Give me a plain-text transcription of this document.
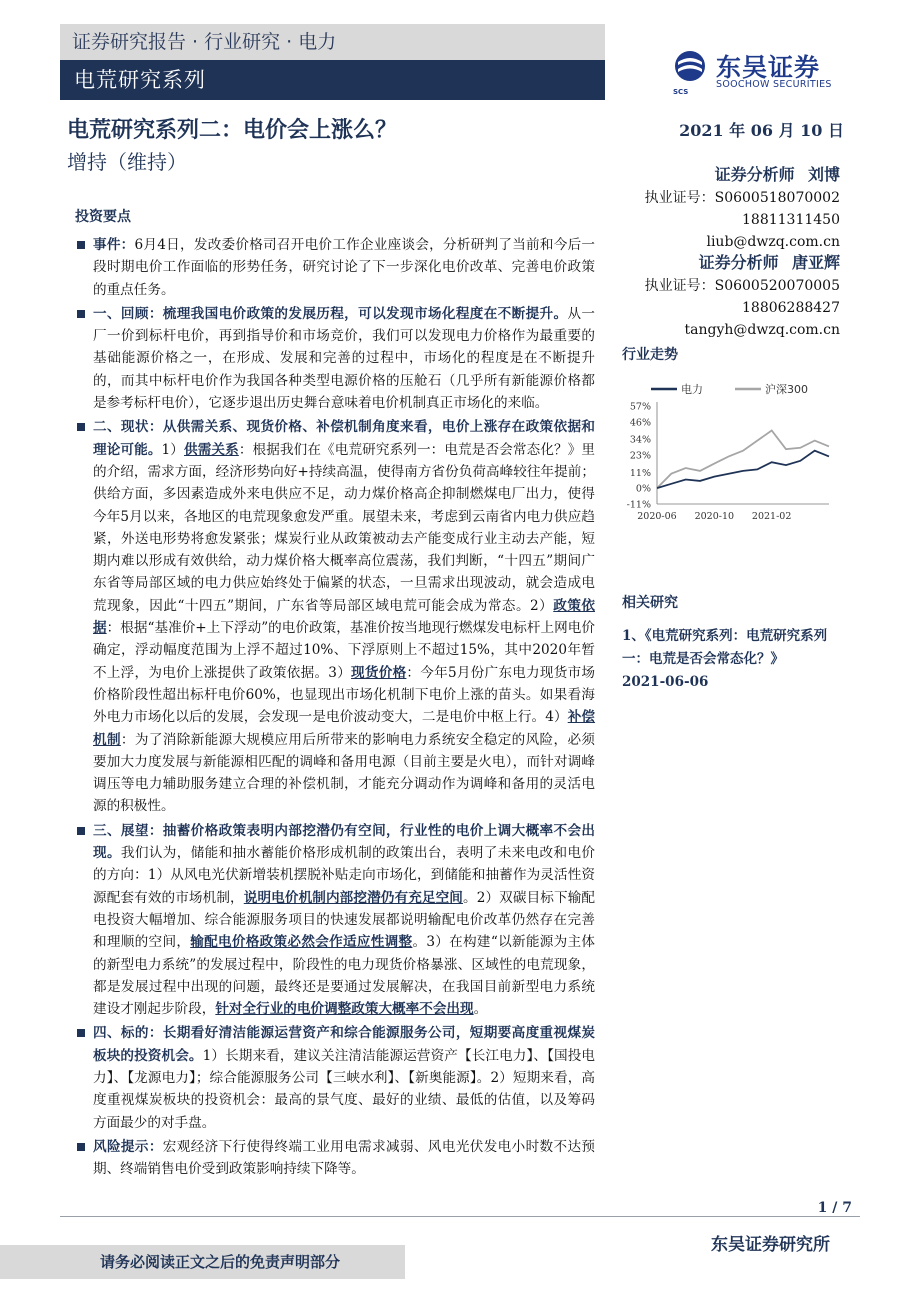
证券研究报告 · 行业研究 · 电力
电荒研究系列	SCS
东吴证券
SOOCHOW SECURITIES
电荒研究系列二：电价会上涨么？	2021 年 06 月 10 日
增持（维持）
证券分析师 刘博
执业证号：S0600518070002
18811311450
liub@dwzq.com.cn
证券分析师 唐亚辉
执业证号：S0600520070005
18806288427
tangyh@dwzq.com.cn
行业走势
电力	沪深300
57%
46%
34%
23%
11%
0%
-11%
2020-06 2020-10 2021-02
相关研究
1、《电荒研究系列：电荒研究系列一：电荒是否会常态化？》
2021-06-06
投资要点
事件：6月4日，发改委价格司召开电价工作企业座谈会，分析研判了当前和今后一段时期电价工作面临的形势任务，研究讨论了下一步深化电价改革、完善电价政策的重点任务。
一、回顾：梳理我国电价政策的发展历程，可以发现市场化程度在不断提升。从一厂一价到标杆电价，再到指导价和市场竞价，我们可以发现电力价格作为最重要的基础能源价格之一，在形成、发展和完善的过程中，市场化的程度是在不断提升的，而其中标杆电价作为我国各种类型电源价格的压舱石（几乎所有新能源价格都是参考标杆电价），它逐步退出历史舞台意味着电价机制真正市场化的来临。
二、现状：从供需关系、现货价格、补偿机制角度来看，电价上涨存在政策依据和理论可能。1）供需关系：根据我们在《电荒研究系列一：电荒是否会常态化？》里的介绍，需求方面，经济形势向好+持续高温，使得南方省份负荷高峰较往年提前；供给方面，多因素造成外来电供应不足，动力煤价格高企抑制燃煤电厂出力，使得今年5月以来，各地区的电荒现象愈发严重。展望未来，考虑到云南省内电力供应趋紧，外送电形势将愈发紧张；煤炭行业从政策被动去产能变成行业主动去产能，短期内难以形成有效供给，动力煤价格大概率高位震荡，我们判断，“十四五”期间广东省等局部区域的电力供应始终处于偏紧的状态，一旦需求出现波动，就会造成电荒现象，因此“十四五”期间，广东省等局部区域电荒可能会成为常态。2）政策依据：根据“基准价+上下浮动”的电价政策，基准价按当地现行燃煤发电标杆上网电价确定，浮动幅度范围为上浮不超过10%、下浮原则上不超过15%，其中2020年暂不上浮，为电价上涨提供了政策依据。3）现货价格：今年5月份广东电力现货市场价格阶段性超出标杆电价60%，也显现出市场化机制下电价上涨的苗头。如果看海外电力市场化以后的发展，会发现一是电价波动变大，二是电价中枢上行。4）补偿机制：为了消除新能源大规模应用后所带来的影响电力系统安全稳定的风险，必须要加大力度发展与新能源相匹配的调峰和备用电源（目前主要是火电），而针对调峰调压等电力辅助服务建立合理的补偿机制，才能充分调动作为调峰和备用的灵活电源的积极性。
三、展望：抽蓄价格政策表明内部挖潜仍有空间，行业性的电价上调大概率不会出现。我们认为，储能和抽水蓄能价格形成机制的政策出台，表明了未来电改和电价的方向：1）从风电光伏新增装机摆脱补贴走向市场化，到储能和抽蓄作为灵活性资源配套有效的市场机制，说明电价机制内部挖潜仍有充足空间。2）双碳目标下输配电投资大幅增加、综合能源服务项目的快速发展都说明输配电价改革仍然存在完善和理顺的空间，输配电价格政策必然会作适应性调整。3）在构建“以新能源为主体的新型电力系统”的发展过程中，阶段性的电力现货价格暴涨、区域性的电荒现象，都是发展过程中出现的问题，最终还是要通过发展解决，在我国目前新型电力系统建设才刚起步阶段，针对全行业的电价调整政策大概率不会出现。
四、标的：长期看好清洁能源运营资产和综合能源服务公司，短期要高度重视煤炭板块的投资机会。1）长期来看，建议关注清洁能源运营资产【长江电力】、【国投电力】、【龙源电力】；综合能源服务公司【三峡水利】、【新奥能源】。2）短期来看，高度重视煤炭板块的投资机会：最高的景气度、最好的业绩、最低的估值，以及筹码方面最少的对手盘。
风险提示：宏观经济下行使得终端工业用电需求减弱、风电光伏发电小时数不达预期、终端销售电价受到政策影响持续下降等。
1 / 7
东吴证券研究所
请务必阅读正文之后的免责声明部分
